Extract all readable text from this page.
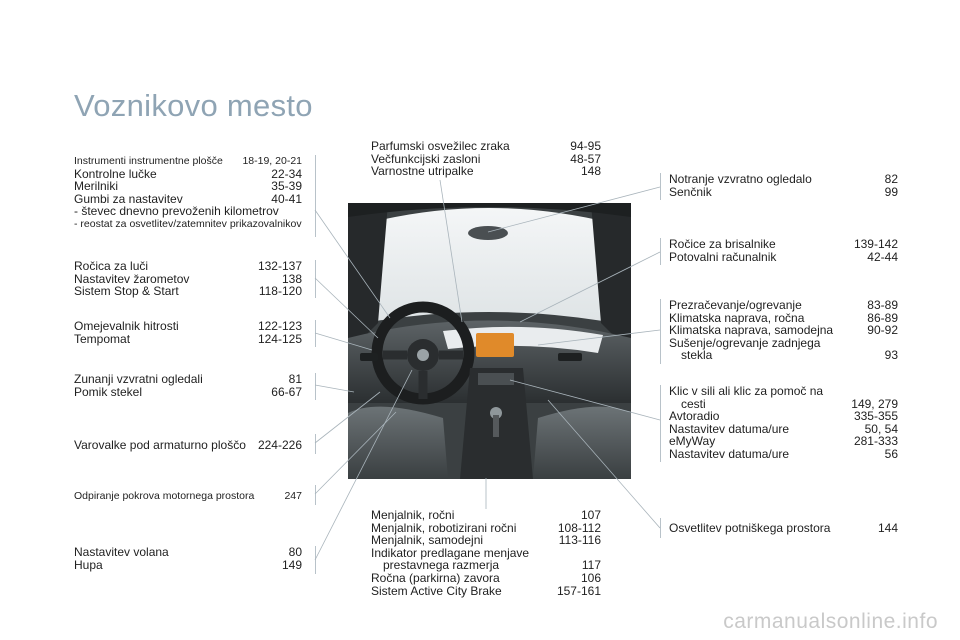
Voznikovo mesto
Instrumenti instrumentne plošče	18-19, 20-21
Kontrolne lučke	22-34
Merilniki	35-39
Gumbi za nastavitev	40-41
- števec dnevno prevoženih kilometrov
- reostat za osvetlitev/zatemnitev prikazovalnikov
Ročica za luči	132-137
Nastavitev žarometov	138
Sistem Stop & Start	118-120
Omejevalnik hitrosti	122-123
Tempomat	124-125
Zunanji vzvratni ogledali	81
Pomik stekel	66-67
Varovalke pod armaturno ploščo	224-226
Odpiranje pokrova motornega prostora	247
Nastavitev volana	80
Hupa	149
Parfumski osvežilec zraka	94-95
Večfunkcijski zasloni	48-57
Varnostne utripalke	148
Menjalnik, ročni	107
Menjalnik, robotizirani ročni	108-112
Menjalnik, samodejni	113-116
Indikator predlagane menjave
prestavnega razmerja	117
Ročna (parkirna) zavora	106
Sistem Active City Brake	157-161
Notranje vzvratno ogledalo	82
Senčnik	99
Ročice za brisalnike	139-142
Potovalni računalnik	42-44
Prezračevanje/ogrevanje	83-89
Klimatska naprava, ročna	86-89
Klimatska naprava, samodejna	90-92
Sušenje/ogrevanje zadnjega
stekla	93
Klic v sili ali klic za pomoč na
cesti	149, 279
Avtoradio	335-355
Nastavitev datuma/ure	50, 54
eMyWay	281-333
Nastavitev datuma/ure	56
Osvetlitev potniškega prostora	144
carmanualsonline.info
